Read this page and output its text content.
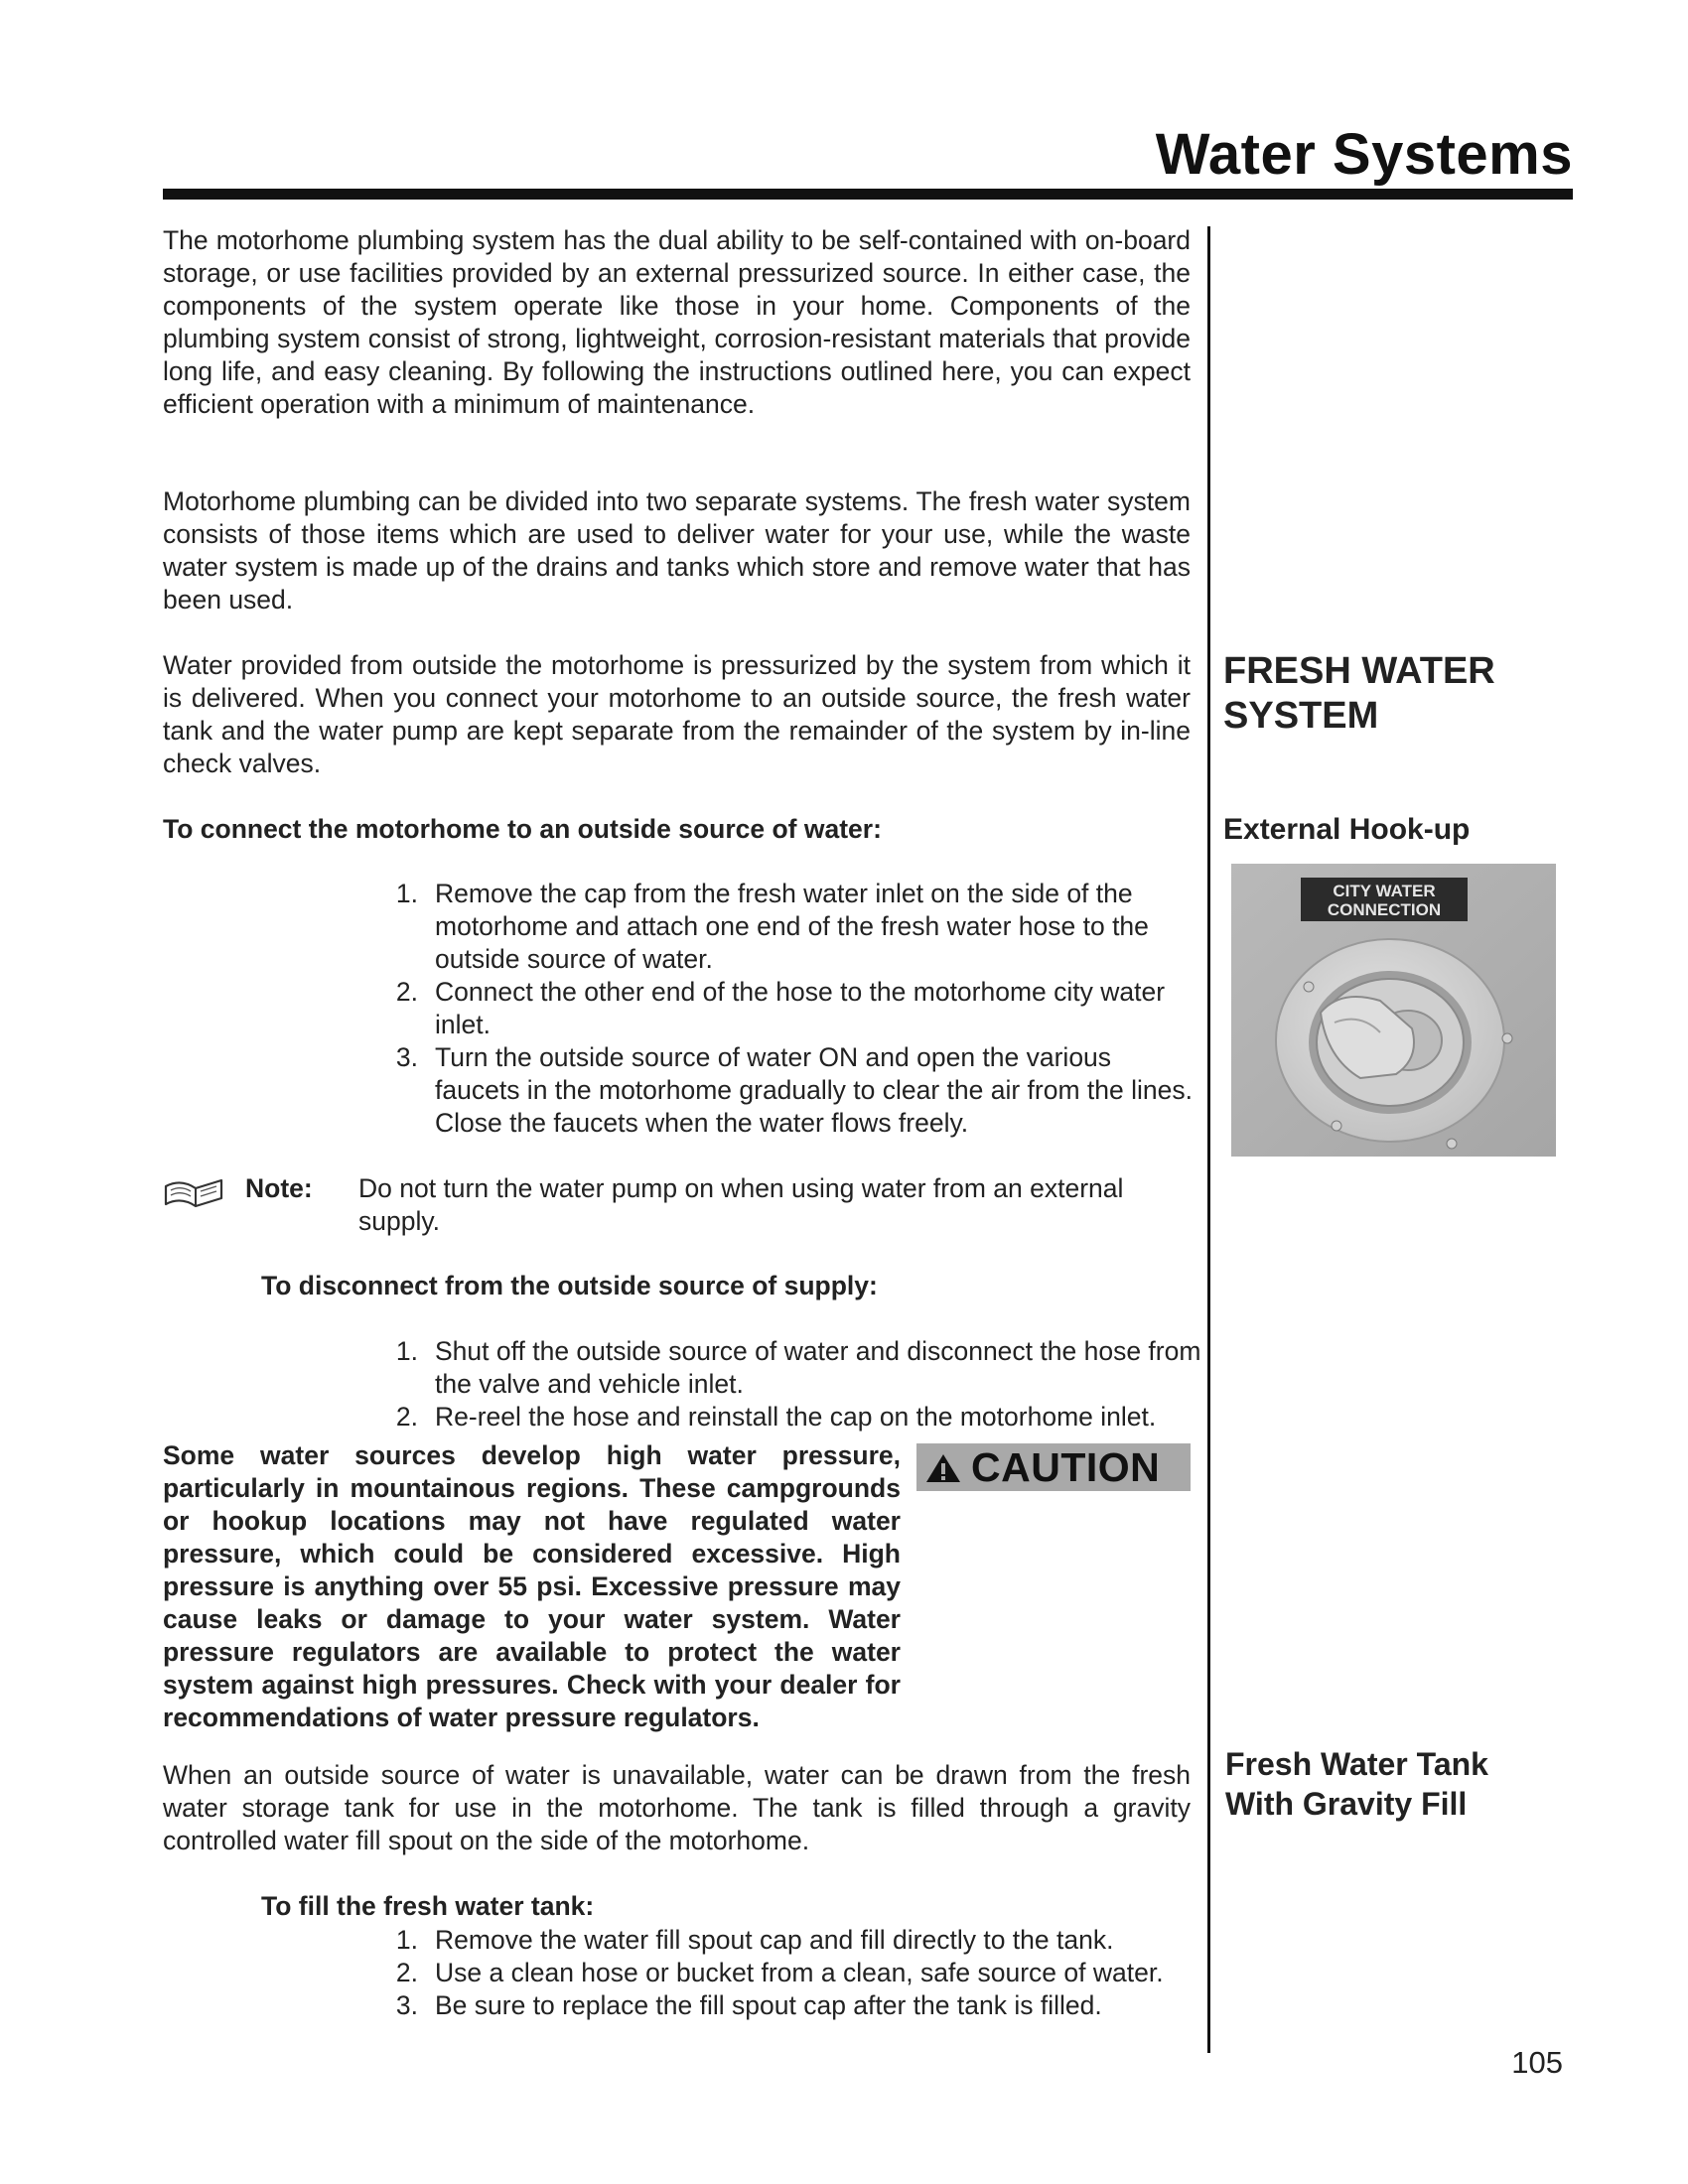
Water Systems
The motorhome plumbing system has the dual ability to be self-contained with on-board storage, or use facilities provided by an external pressurized source. In either case, the components of the system operate like those in your home. Components of the plumbing system consist of strong, lightweight, corrosion-resistant materials that provide long life, and easy cleaning. By following the instructions outlined here, you can expect efficient operation with a minimum of maintenance.
Motorhome plumbing can be divided into two separate systems. The fresh water system consists of those items which are used to deliver water for your use, while the waste water system is made up of the drains and tanks which store and remove water that has been used.
Water provided from outside the motorhome is pressurized by the system from which it is delivered. When you connect your motorhome to an outside source, the fresh water tank and the water pump are kept separate from the remainder of the system by in-line check valves.
To connect the motorhome to an outside source of water:
1. Remove the cap from the fresh water inlet on the side of the motorhome and attach one end of the fresh water hose to the outside source of water.
2. Connect the other end of the hose to the motorhome city water inlet.
3. Turn the outside source of water ON and open the various faucets in the motorhome gradually to clear the air from the lines. Close the faucets when the water flows freely.
Note: Do not turn the water pump on when using water from an external supply.
To disconnect from the outside source of supply:
1. Shut off the outside source of water and disconnect the hose from the valve and vehicle inlet.
2. Re-reel the hose and reinstall the cap on the motorhome inlet.
Some water sources develop high water pressure, particularly in mountainous regions. These campgrounds or hookup locations may not have regulated water pressure, which could be considered excessive. High pressure is anything over 55 psi. Excessive pressure may cause leaks or damage to your water system. Water pressure regulators are available to protect the water system against high pressures. Check with your dealer for recommendations of water pressure regulators.
CAUTION
When an outside source of water is unavailable, water can be drawn from the fresh water storage tank for use in the motorhome. The tank is filled through a gravity controlled water fill spout on the side of the motorhome.
To fill the fresh water tank:
1. Remove the water fill spout cap and fill directly to the tank.
2. Use a clean hose or bucket from a clean, safe source of water.
3. Be sure to replace the fill spout cap after the tank is filled.
FRESH WATER
SYSTEM
External Hook-up
CITY WATER
CONNECTION
Fresh Water Tank
With Gravity Fill
105
